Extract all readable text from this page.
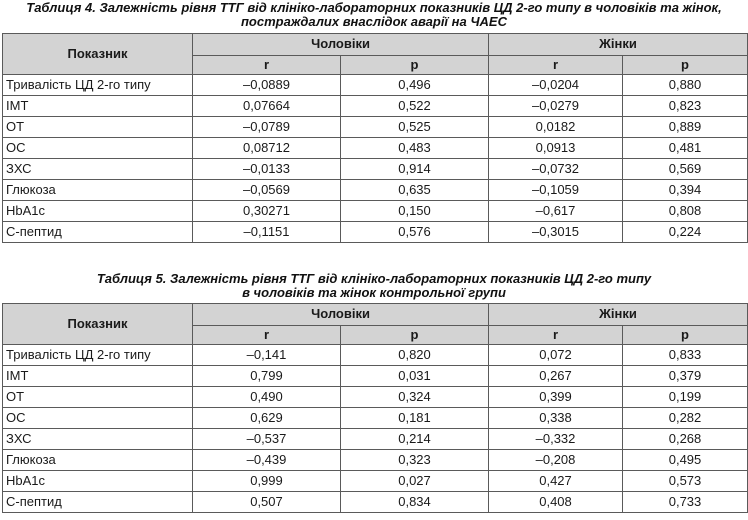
Таблиця 4. Залежність рівня ТТГ від клініко-лабораторних показників ЦД 2-го типу в чоловіків та жінок,
постраждалих внаслідок аварії на ЧАЕС
Показник	Чоловіки		Жінки	
	r	p	r	p
Тривалість ЦД 2-го типу	–0,0889	0,496	–0,0204	0,880
ІМТ	0,07664	0,522	–0,0279	0,823
ОТ	–0,0789	0,525	0,0182	0,889
ОС	0,08712	0,483	0,0913	0,481
ЗХС	–0,0133	0,914	–0,0732	0,569
Глюкоза	–0,0569	0,635	–0,1059	0,394
HbA1c	0,30271	0,150	–0,617	0,808
С-пептид	–0,1151	0,576	–0,3015	0,224
Таблиця 5. Залежність рівня ТТГ від клініко-лабораторних показників ЦД 2-го типу
в чоловіків та жінок контрольної групи
Показник	Чоловіки		Жінки	
	r	p	r	p
Тривалість ЦД 2-го типу	–0,141	0,820	0,072	0,833
ІМТ	0,799	0,031	0,267	0,379
ОТ	0,490	0,324	0,399	0,199
ОС	0,629	0,181	0,338	0,282
ЗХС	–0,537	0,214	–0,332	0,268
Глюкоза	–0,439	0,323	–0,208	0,495
HbA1c	0,999	0,027	0,427	0,573
С-пептид	0,507	0,834	0,408	0,733
